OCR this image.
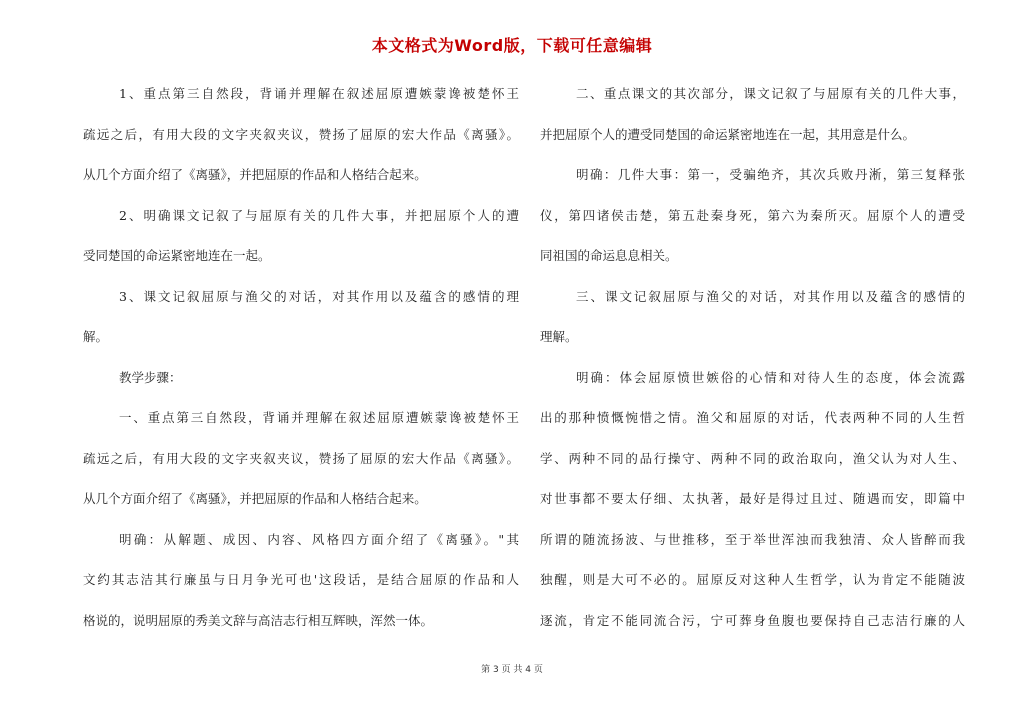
本文格式为Word版，下载可任意编辑
1、重点第三自然段，背诵并理解在叙述屈原遭嫉蒙谗被楚怀王
疏远之后，有用大段的文字夹叙夹议，赞扬了屈原的宏大作品《离骚》。
从几个方面介绍了《离骚》，并把屈原的作品和人格结合起来。
2、明确课文记叙了与屈原有关的几件大事，并把屈原个人的遭
受同楚国的命运紧密地连在一起。
3、课文记叙屈原与渔父的对话，对其作用以及蕴含的感情的理
解。
教学步骤：
一、重点第三自然段，背诵并理解在叙述屈原遭嫉蒙谗被楚怀王
疏远之后，有用大段的文字夹叙夹议，赞扬了屈原的宏大作品《离骚》。
从几个方面介绍了《离骚》，并把屈原的作品和人格结合起来。
明确：从解题、成因、内容、风格四方面介绍了《离骚》。"其
文约其志洁其行廉虽与日月争光可也'这段话，是结合屈原的作品和人
格说的，说明屈原的秀美文辞与高洁志行相互辉映，浑然一体。
二、重点课文的其次部分，课文记叙了与屈原有关的几件大事，
并把屈原个人的遭受同楚国的命运紧密地连在一起，其用意是什么。
明确：几件大事：第一，受骗绝齐，其次兵败丹淅，第三复释张
仪，第四诸侯击楚，第五赴秦身死，第六为秦所灭。屈原个人的遭受
同祖国的命运息息相关。
三、课文记叙屈原与渔父的对话，对其作用以及蕴含的感情的
理解。
明确：体会屈原愤世嫉俗的心情和对待人生的态度，体会流露
出的那种愤慨惋惜之情。渔父和屈原的对话，代表两种不同的人生哲
学、两种不同的品行操守、两种不同的政治取向，渔父认为对人生、
对世事都不要太仔细、太执著，最好是得过且过、随遇而安，即篇中
所谓的随流扬波、与世推移，至于举世浑浊而我独清、众人皆醉而我
独醒，则是大可不必的。屈原反对这种人生哲学，认为肯定不能随波
逐流，肯定不能同流合污，宁可葬身鱼腹也要保持自己志洁行廉的人
第 3 页 共 4 页
